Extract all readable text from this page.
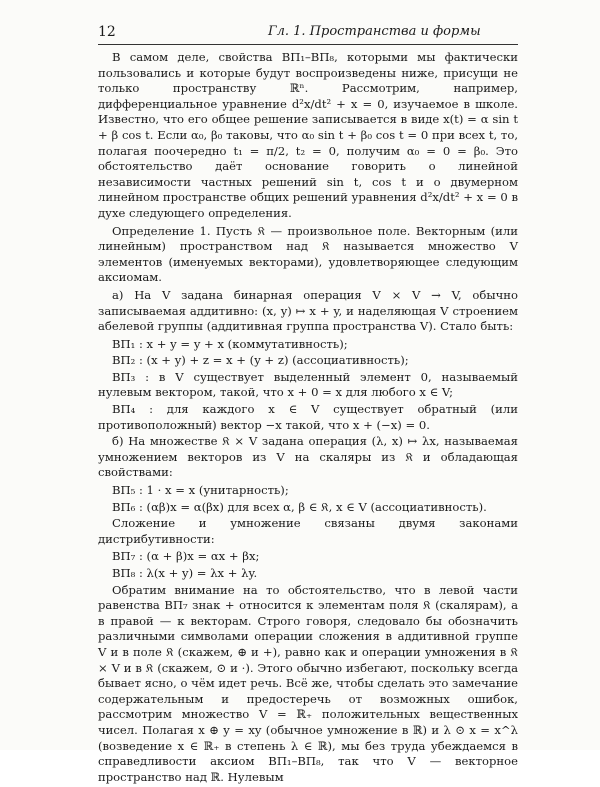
12	Гл. 1. Пространства и формы

В самом деле, свойства ВП₁–ВП₈, которыми мы фактически пользовались и которые будут воспроизведены ниже, присущи не только пространству ℝⁿ. Рассмотрим, например, дифференциальное уравнение d²x/dt² + x = 0, изучаемое в школе. Известно, что его общее решение записывается в виде x(t) = α sin t + β cos t. Если α₀, β₀ таковы, что α₀ sin t + β₀ cos t = 0 при всех t, то, полагая поочередно t₁ = π/2, t₂ = 0, получим α₀ = 0 = β₀. Это обстоятельство даёт основание говорить о линейной независимости частных решений sin t, cos t и о двумерном линейном пространстве общих решений уравнения d²x/dt² + x = 0 в духе следующего определения.

Определение 1. Пусть 𝔎 — произвольное поле. Векторным (или линейным) пространством над 𝔎 называется множество V элементов (именуемых векторами), удовлетворяющее следующим аксиомам.

а) На V задана бинарная операция V × V → V, обычно записываемая аддитивно: (x, y) ↦ x + y, и наделяющая V строением абелевой группы (аддитивная группа пространства V). Стало быть:

ВП₁ : x + y = y + x (коммутативность);

ВП₂ : (x + y) + z = x + (y + z) (ассоциативность);

ВП₃ : в V существует выделенный элемент 0, называемый нулевым вектором, такой, что x + 0 = x для любого x ∈ V;

ВП₄ : для каждого x ∈ V существует обратный (или противоположный) вектор −x такой, что x + (−x) = 0.

б) На множестве 𝔎 × V задана операция (λ, x) ↦ λx, называемая умножением векторов из V на скаляры из 𝔎 и обладающая свойствами:

ВП₅ : 1 · x = x (унитарность);

ВП₆ : (αβ)x = α(βx) для всех α, β ∈ 𝔎, x ∈ V (ассоциативность).

Сложение и умножение связаны двумя законами дистрибутивности:

ВП₇ : (α + β)x = αx + βx;

ВП₈ : λ(x + y) = λx + λy.

Обратим внимание на то обстоятельство, что в левой части равенства ВП₇ знак + относится к элементам поля 𝔎 (скалярам), а в правой — к векторам. Строго говоря, следовало бы обозначить различными символами операции сложения в аддитивной группе V и в поле 𝔎 (скажем, ⊕ и +), равно как и операции умножения в 𝔎 × V и в 𝔎 (скажем, ⊙ и ·). Этого обычно избегают, поскольку всегда бывает ясно, о чём идет речь. Всё же, чтобы сделать это замечание содержательным и предостеречь от возможных ошибок, рассмотрим множество V = ℝ₊ положительных вещественных чисел. Полагая x ⊕ y = xy (обычное умножение в ℝ) и λ ⊙ x = x^λ (возведение x ∈ ℝ₊ в степень λ ∈ ℝ), мы без труда убеждаемся в справедливости аксиом ВП₁–ВП₈, так что V — векторное пространство над ℝ. Нулевым
